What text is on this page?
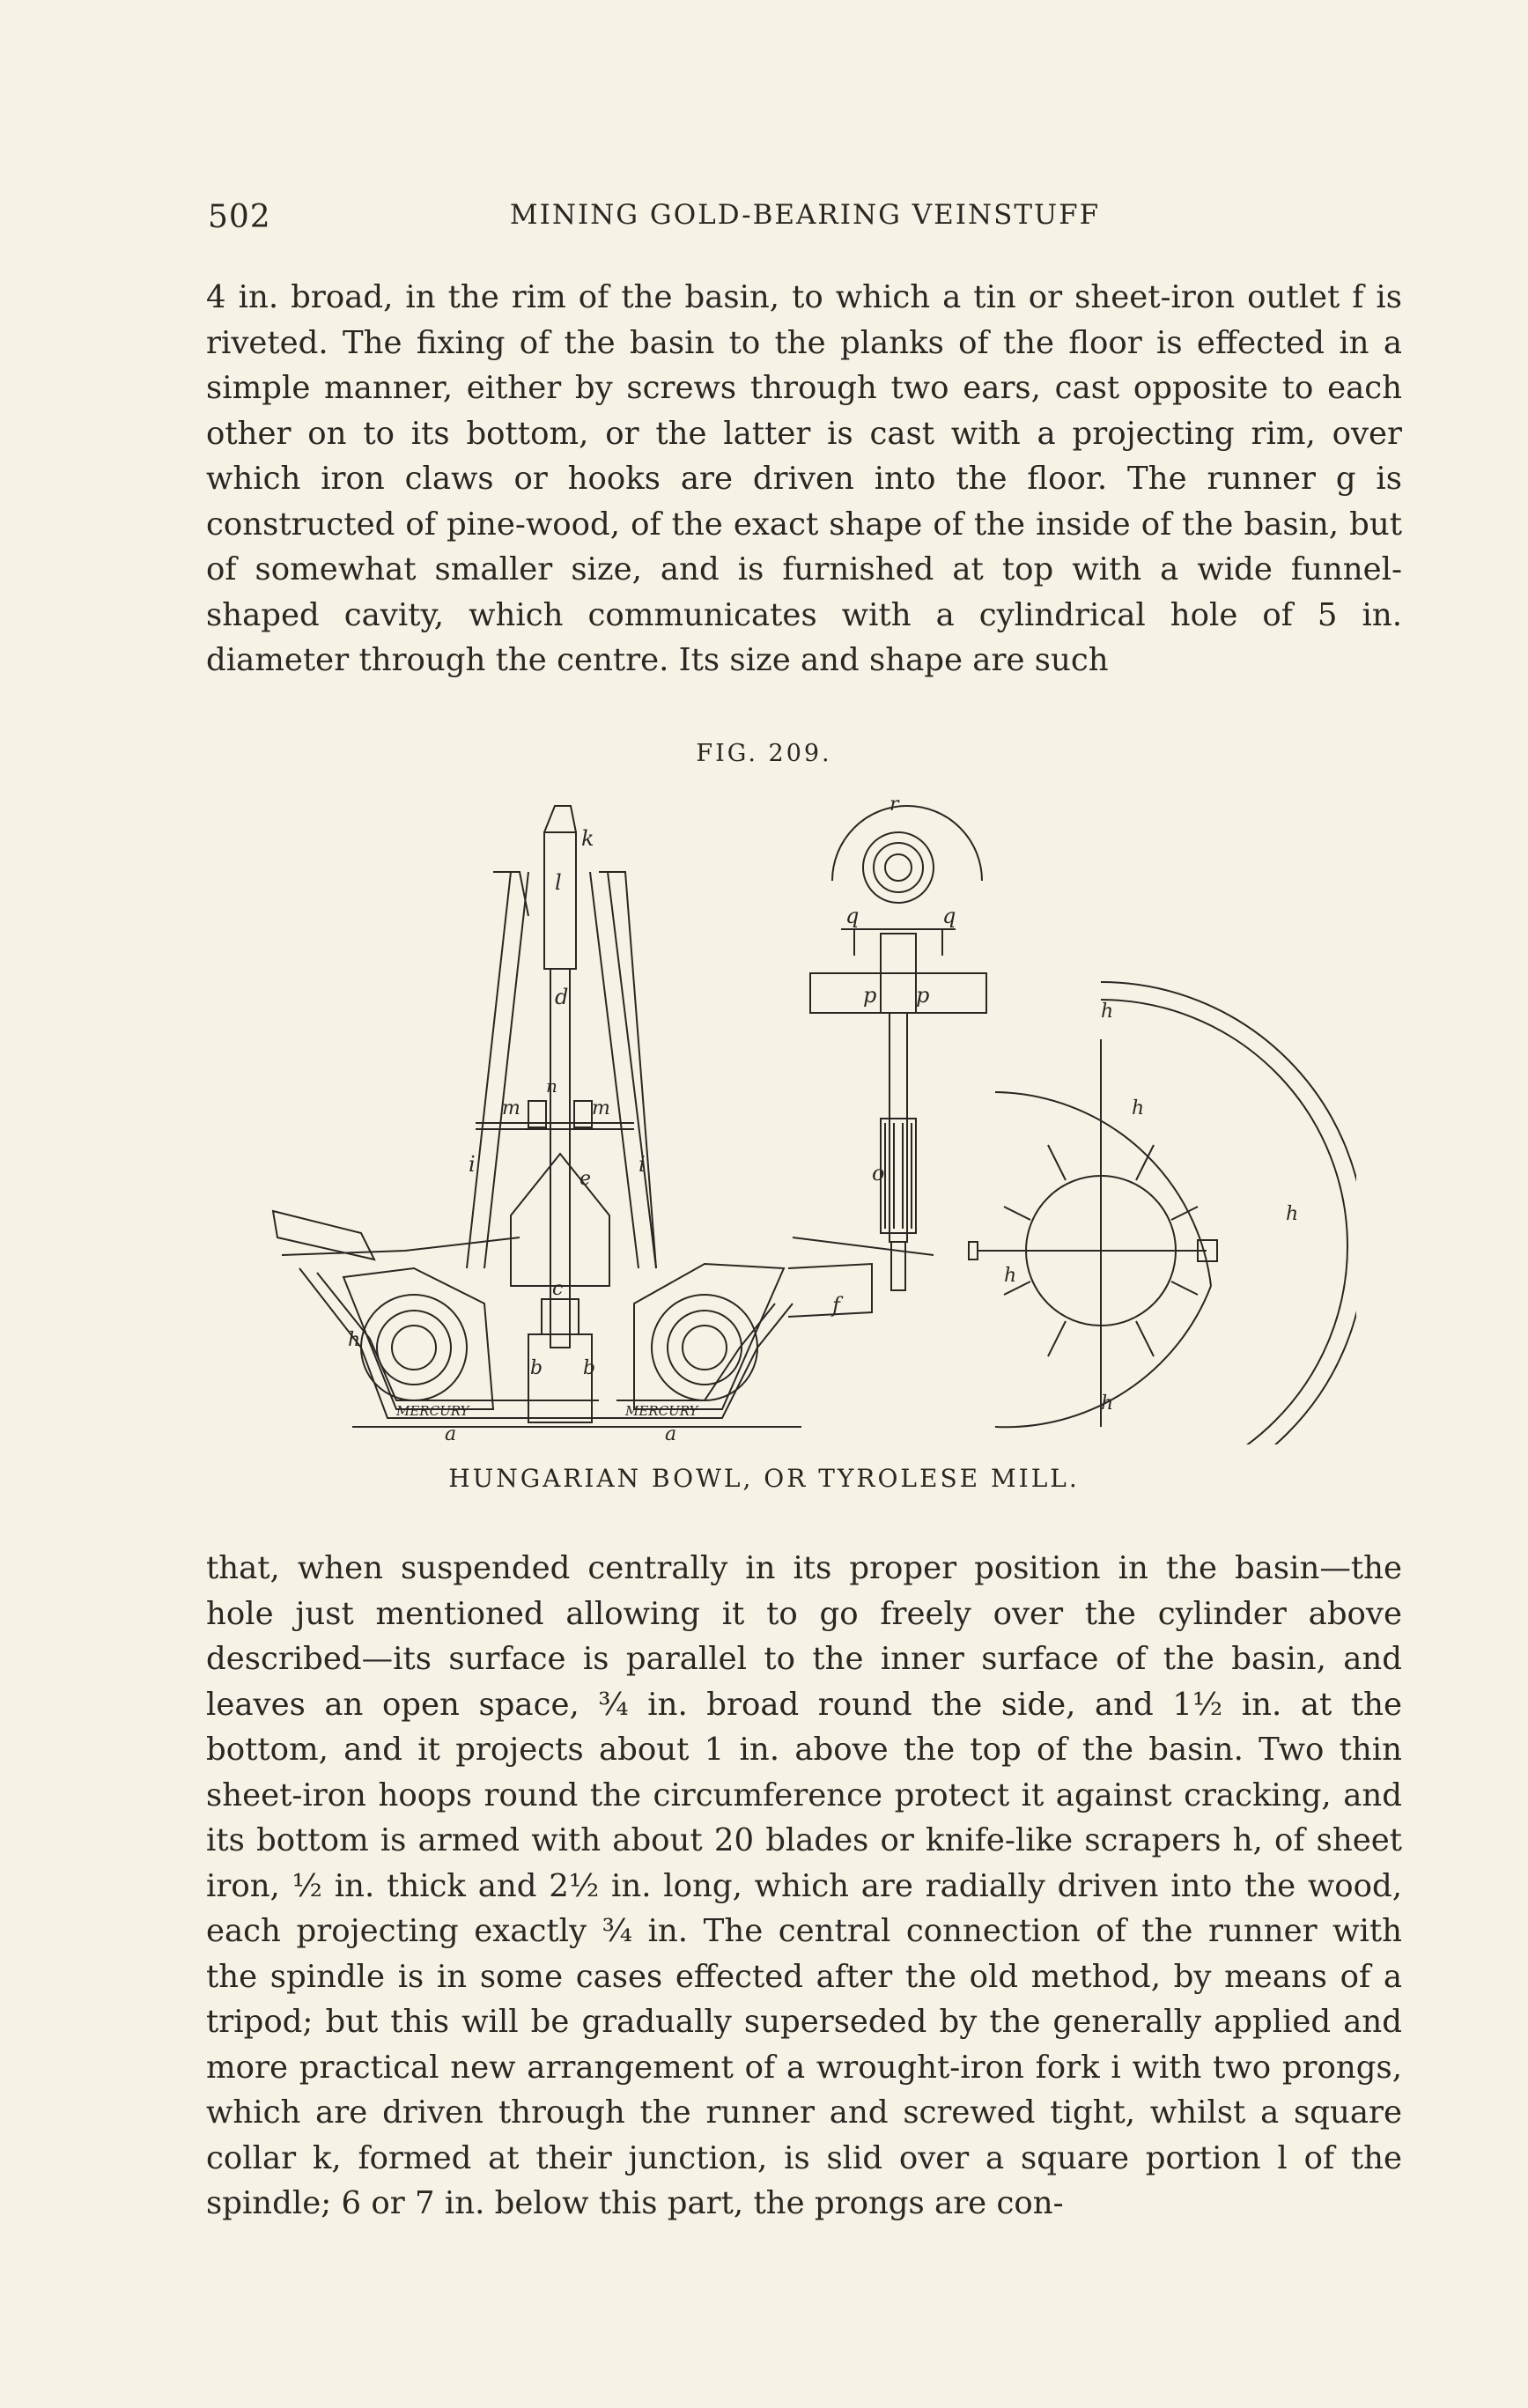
502	MINING GOLD-BEARING VEINSTUFF

4 in. broad, in the rim of the basin, to which a tin or sheet-iron outlet f is riveted. The fixing of the basin to the planks of the floor is effected in a simple manner, either by screws through two ears, cast opposite to each other on to its bottom, or the latter is cast with a projecting rim, over which iron claws or hooks are driven into the floor. The runner g is constructed of pine-wood, of the exact shape of the inside of the basin, but of somewhat smaller size, and is furnished at top with a wide funnel-shaped cavity, which communicates with a cylindrical hole of 5 in. diameter through the centre. Its size and shape are such

FIG. 209.
h
k
l
d
n
m	m
i	i
e
c
b b
f
MERCURY	MERCURY
a	a
q	q
r
p p
o
h
h
h
h
h
HUNGARIAN BOWL, OR TYROLESE MILL.

that, when suspended centrally in its proper position in the basin—the hole just mentioned allowing it to go freely over the cylinder above described—its surface is parallel to the inner surface of the basin, and leaves an open space, ¾ in. broad round the side, and 1½ in. at the bottom, and it projects about 1 in. above the top of the basin. Two thin sheet-iron hoops round the circumference protect it against cracking, and its bottom is armed with about 20 blades or knife-like scrapers h, of sheet iron, ½ in. thick and 2½ in. long, which are radially driven into the wood, each projecting exactly ¾ in. The central connection of the runner with the spindle is in some cases effected after the old method, by means of a tripod; but this will be gradually superseded by the generally applied and more practical new arrangement of a wrought-iron fork i with two prongs, which are driven through the runner and screwed tight, whilst a square collar k, formed at their junction, is slid over a square portion l of the spindle; 6 or 7 in. below this part, the prongs are con-
